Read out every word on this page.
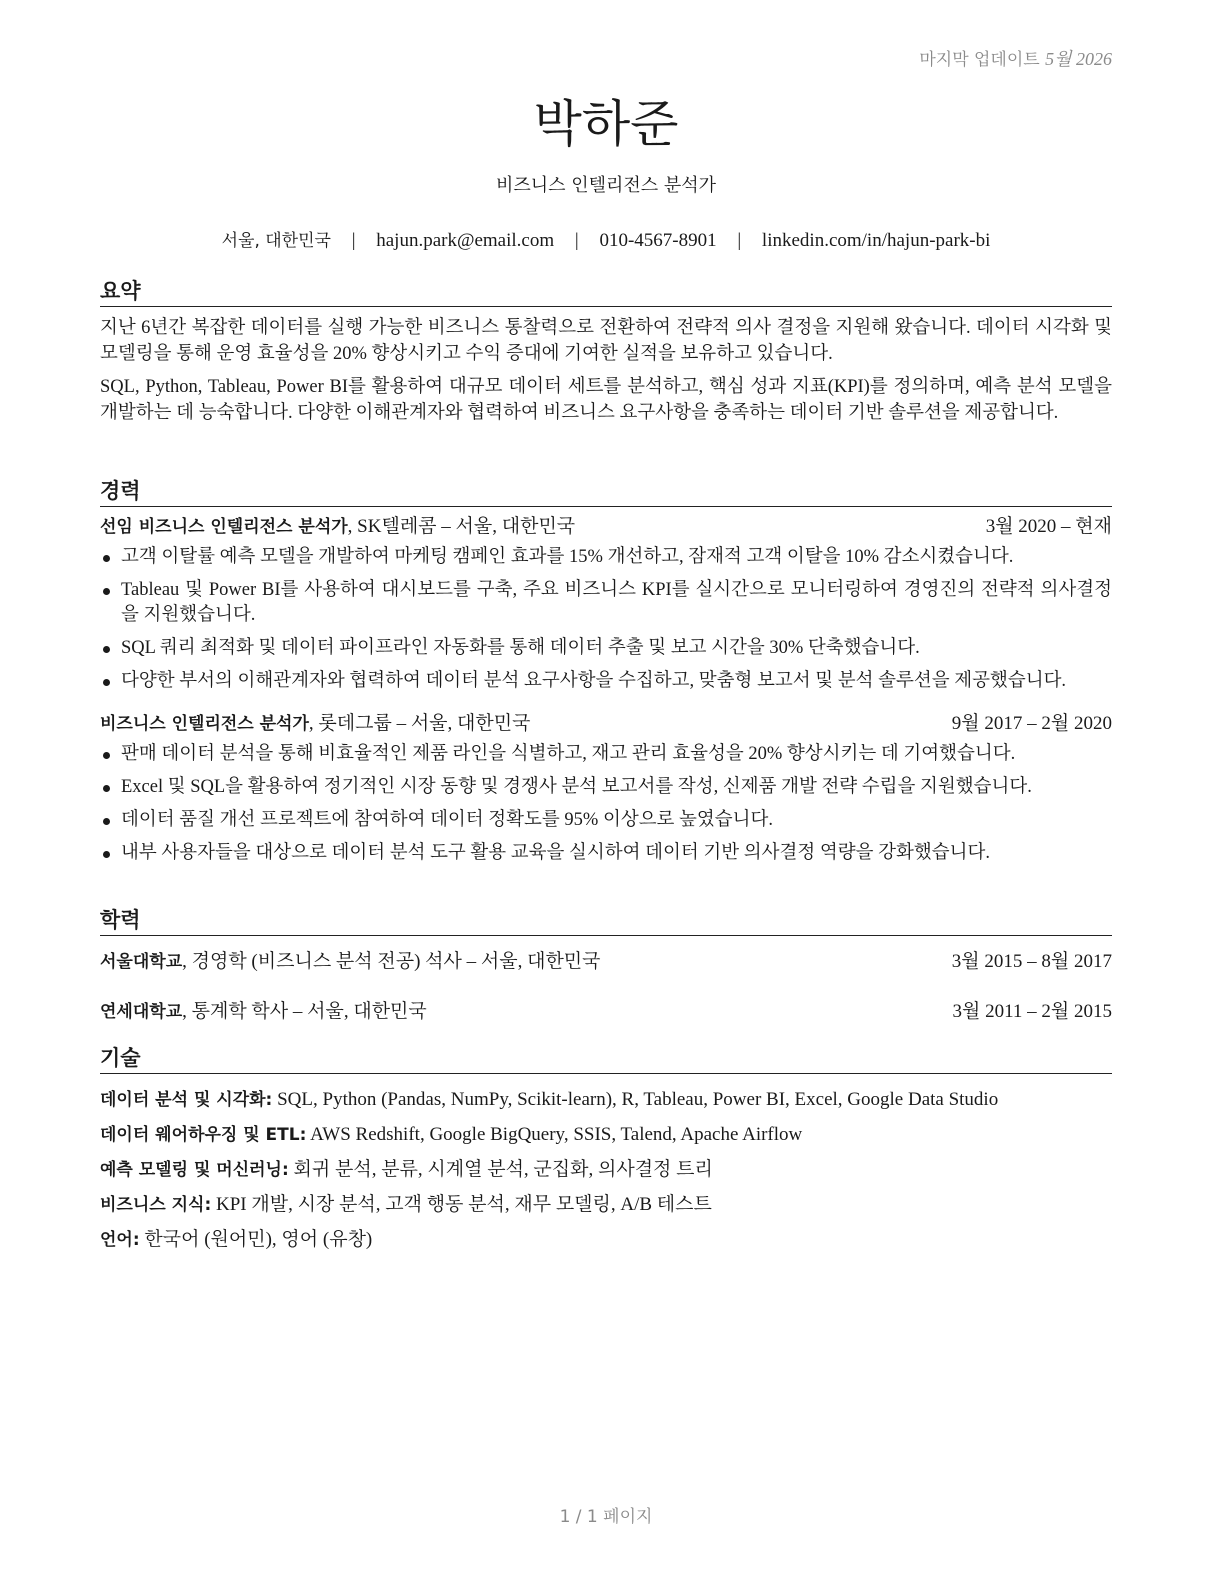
마지막 업데이트 5월 2026
박하준
비즈니스 인텔리전스 분석가
서울, 대한민국 | hajun.park@email.com | 010-4567-8901 | linkedin.com/in/hajun-park-bi
요약

지난 6년간 복잡한 데이터를 실행 가능한 비즈니스 통찰력으로 전환하여 전략적 의사 결정을 지원해 왔습니다. 데이터 시각화 및 모델링을 통해 운영 효율성을 20% 향상시키고 수익 증대에 기여한 실적을 보유하고 있습니다.

SQL, Python, Tableau, Power BI를 활용하여 대규모 데이터 세트를 분석하고, 핵심 성과 지표(KPI)를 정의하며, 예측 분석 모델을 개발하는 데 능숙합니다. 다양한 이해관계자와 협력하여 비즈니스 요구사항을 충족하는 데이터 기반 솔루션을 제공합니다.

경력
선임 비즈니스 인텔리전스 분석가, SK텔레콤 – 서울, 대한민국	3월 2020 – 현재
고객 이탈률 예측 모델을 개발하여 마케팅 캠페인 효과를 15% 개선하고, 잠재적 고객 이탈을 10% 감소시켰습니다.
Tableau 및 Power BI를 사용하여 대시보드를 구축, 주요 비즈니스 KPI를 실시간으로 모니터링하여 경영진의 전략적 의사결정을 지원했습니다.
SQL 쿼리 최적화 및 데이터 파이프라인 자동화를 통해 데이터 추출 및 보고 시간을 30% 단축했습니다.
다양한 부서의 이해관계자와 협력하여 데이터 분석 요구사항을 수집하고, 맞춤형 보고서 및 분석 솔루션을 제공했습니다.
비즈니스 인텔리전스 분석가, 롯데그룹 – 서울, 대한민국	9월 2017 – 2월 2020
판매 데이터 분석을 통해 비효율적인 제품 라인을 식별하고, 재고 관리 효율성을 20% 향상시키는 데 기여했습니다.
Excel 및 SQL을 활용하여 정기적인 시장 동향 및 경쟁사 분석 보고서를 작성, 신제품 개발 전략 수립을 지원했습니다.
데이터 품질 개선 프로젝트에 참여하여 데이터 정확도를 95% 이상으로 높였습니다.
내부 사용자들을 대상으로 데이터 분석 도구 활용 교육을 실시하여 데이터 기반 의사결정 역량을 강화했습니다.
학력
서울대학교, 경영학 (비즈니스 분석 전공) 석사 – 서울, 대한민국	3월 2015 – 8월 2017
연세대학교, 통계학 학사 – 서울, 대한민국	3월 2011 – 2월 2015
기술
데이터 분석 및 시각화: SQL, Python (Pandas, NumPy, Scikit-learn), R, Tableau, Power BI, Excel, Google Data Studio
데이터 웨어하우징 및 ETL: AWS Redshift, Google BigQuery, SSIS, Talend, Apache Airflow
예측 모델링 및 머신러닝: 회귀 분석, 분류, 시계열 분석, 군집화, 의사결정 트리
비즈니스 지식: KPI 개발, 시장 분석, 고객 행동 분석, 재무 모델링, A/B 테스트
언어: 한국어 (원어민), 영어 (유창)
1 / 1 페이지
